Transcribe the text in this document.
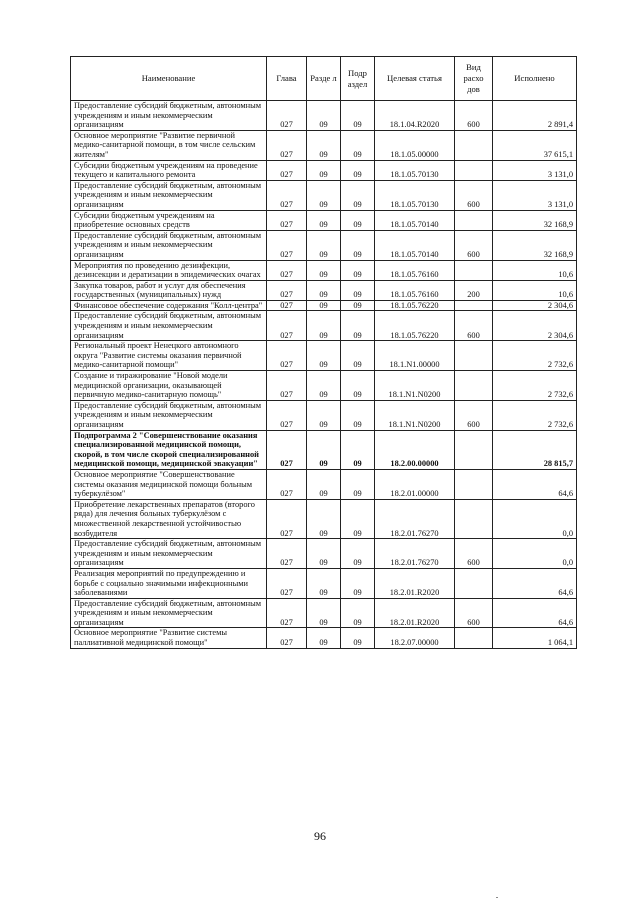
Наименование	Глава	Разде л	Подр аздел	Целевая статья	Вид расхо дов	Исполнено
Предоставление субсидий бюджетным, автономным учреждениям и иным некоммерческим организациям	027	09	09	18.1.04.R2020	600	2 891,4
Основное мероприятие "Развитие первичной медико-санитарной помощи, в том числе сельским жителям"	027	09	09	18.1.05.00000		37 615,1
Субсидии бюджетным учреждениям на проведение текущего и капитального ремонта	027	09	09	18.1.05.70130		3 131,0
Предоставление субсидий бюджетным, автономным учреждениям и иным некоммерческим организациям	027	09	09	18.1.05.70130	600	3 131,0
Субсидии бюджетным учреждениям на приобретение основных средств	027	09	09	18.1.05.70140		32 168,9
Предоставление субсидий бюджетным, автономным учреждениям и иным некоммерческим организациям	027	09	09	18.1.05.70140	600	32 168,9
Мероприятия по проведению дезинфекции, дезинсекции и дератизации в эпидемических очагах	027	09	09	18.1.05.76160		10,6
Закупка товаров, работ и услуг для обеспечения государственных (муниципальных) нужд	027	09	09	18.1.05.76160	200	10,6
Финансовое обеспечение содержания "Колл-центра"	027	09	09	18.1.05.76220		2 304,6
Предоставление субсидий бюджетным, автономным учреждениям и иным некоммерческим организациям	027	09	09	18.1.05.76220	600	2 304,6
Региональный проект Ненецкого автономного округа "Развитие системы оказания первичной медико-санитарной помощи"	027	09	09	18.1.N1.00000		2 732,6
Создание и тиражирование "Новой модели медицинской организации, оказывающей первичную медико-санитарную помощь"	027	09	09	18.1.N1.N0200		2 732,6
Предоставление субсидий бюджетным, автономным учреждениям и иным некоммерческим организациям	027	09	09	18.1.N1.N0200	600	2 732,6
Подпрограмма 2 "Совершенствование оказания специализированной медицинской помощи, скорой, в том числе скорой специализированной медицинской помощи, медицинской эвакуации"	027	09	09	18.2.00.00000		28 815,7
Основное мероприятие "Совершенствование системы оказания медицинской помощи больным туберкулёзом"	027	09	09	18.2.01.00000		64,6
Приобретение лекарственных препаратов (второго ряда) для лечения больных туберкулёзом с множественной лекарственной устойчивостью возбудителя	027	09	09	18.2.01.76270		0,0
Предоставление субсидий бюджетным, автономным учреждениям и иным некоммерческим организациям	027	09	09	18.2.01.76270	600	0,0
Реализация мероприятий по предупреждению и борьбе с социально значимыми инфекционными заболеваниями	027	09	09	18.2.01.R2020		64,6
Предоставление субсидий бюджетным, автономным учреждениям и иным некоммерческим организациям	027	09	09	18.2.01.R2020	600	64,6
Основное мероприятие "Развитие системы паллиативной медицинской помощи"	027	09	09	18.2.07.00000		1 064,1
96
